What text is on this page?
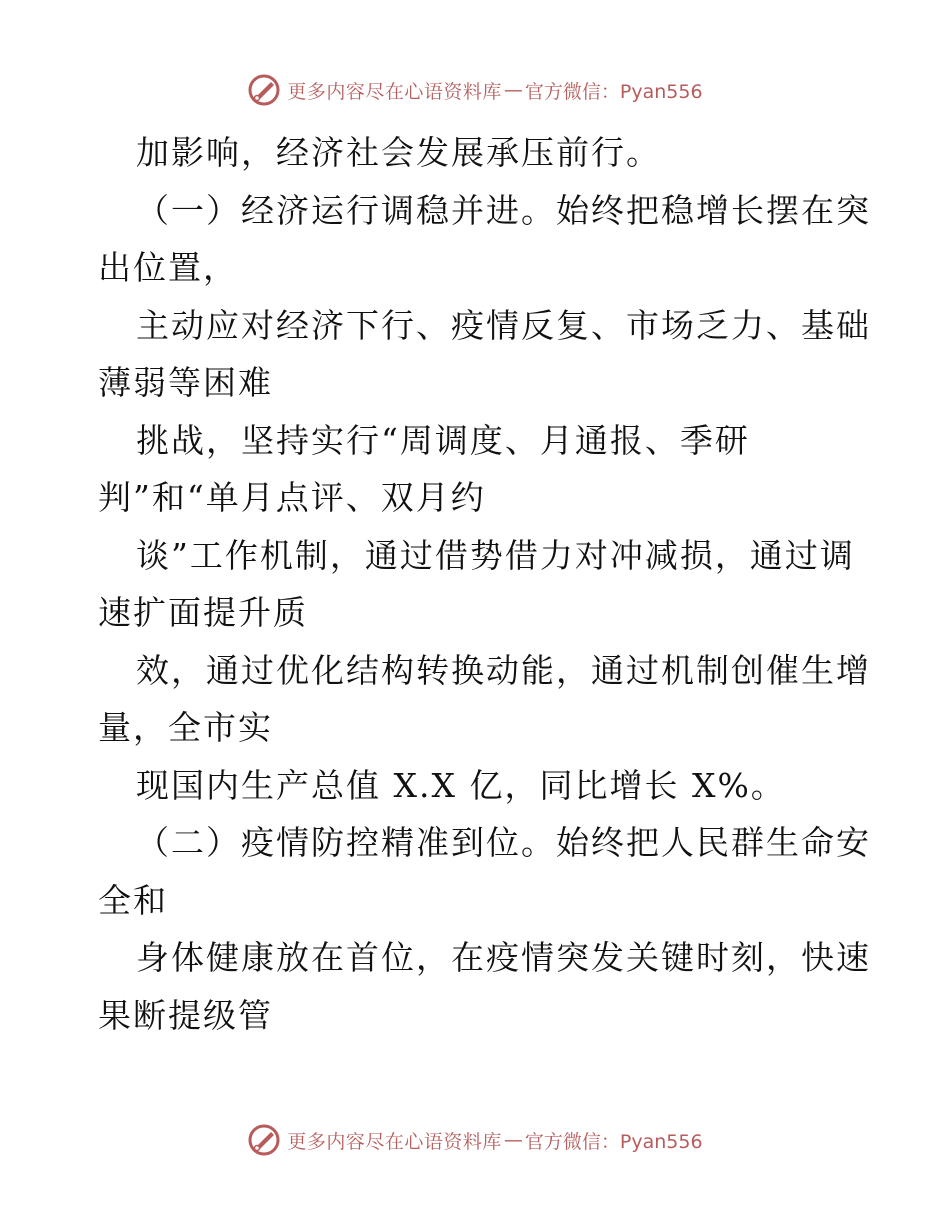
更多内容尽在心语资料库 — 官方微信：Pyan556
加影响，经济社会发展承压前行。
（一）经济运行调稳并进。始终把稳增长摆在突
出位置，
主动应对经济下行、疫情反复、市场乏力、基础
薄弱等困难
挑战，坚持实行“周调度、月通报、季研
判”和“单月点评、双月约
谈”工作机制，通过借势借力对冲减损，通过调
速扩面提升质
效，通过优化结构转换动能，通过机制创催生增
量，全市实
现国内生产总值 X.X 亿，同比增长 X%。
（二）疫情防控精准到位。始终把人民群生命安
全和
身体健康放在首位，在疫情突发关键时刻，快速
果断提级管
更多内容尽在心语资料库 — 官方微信：Pyan556
